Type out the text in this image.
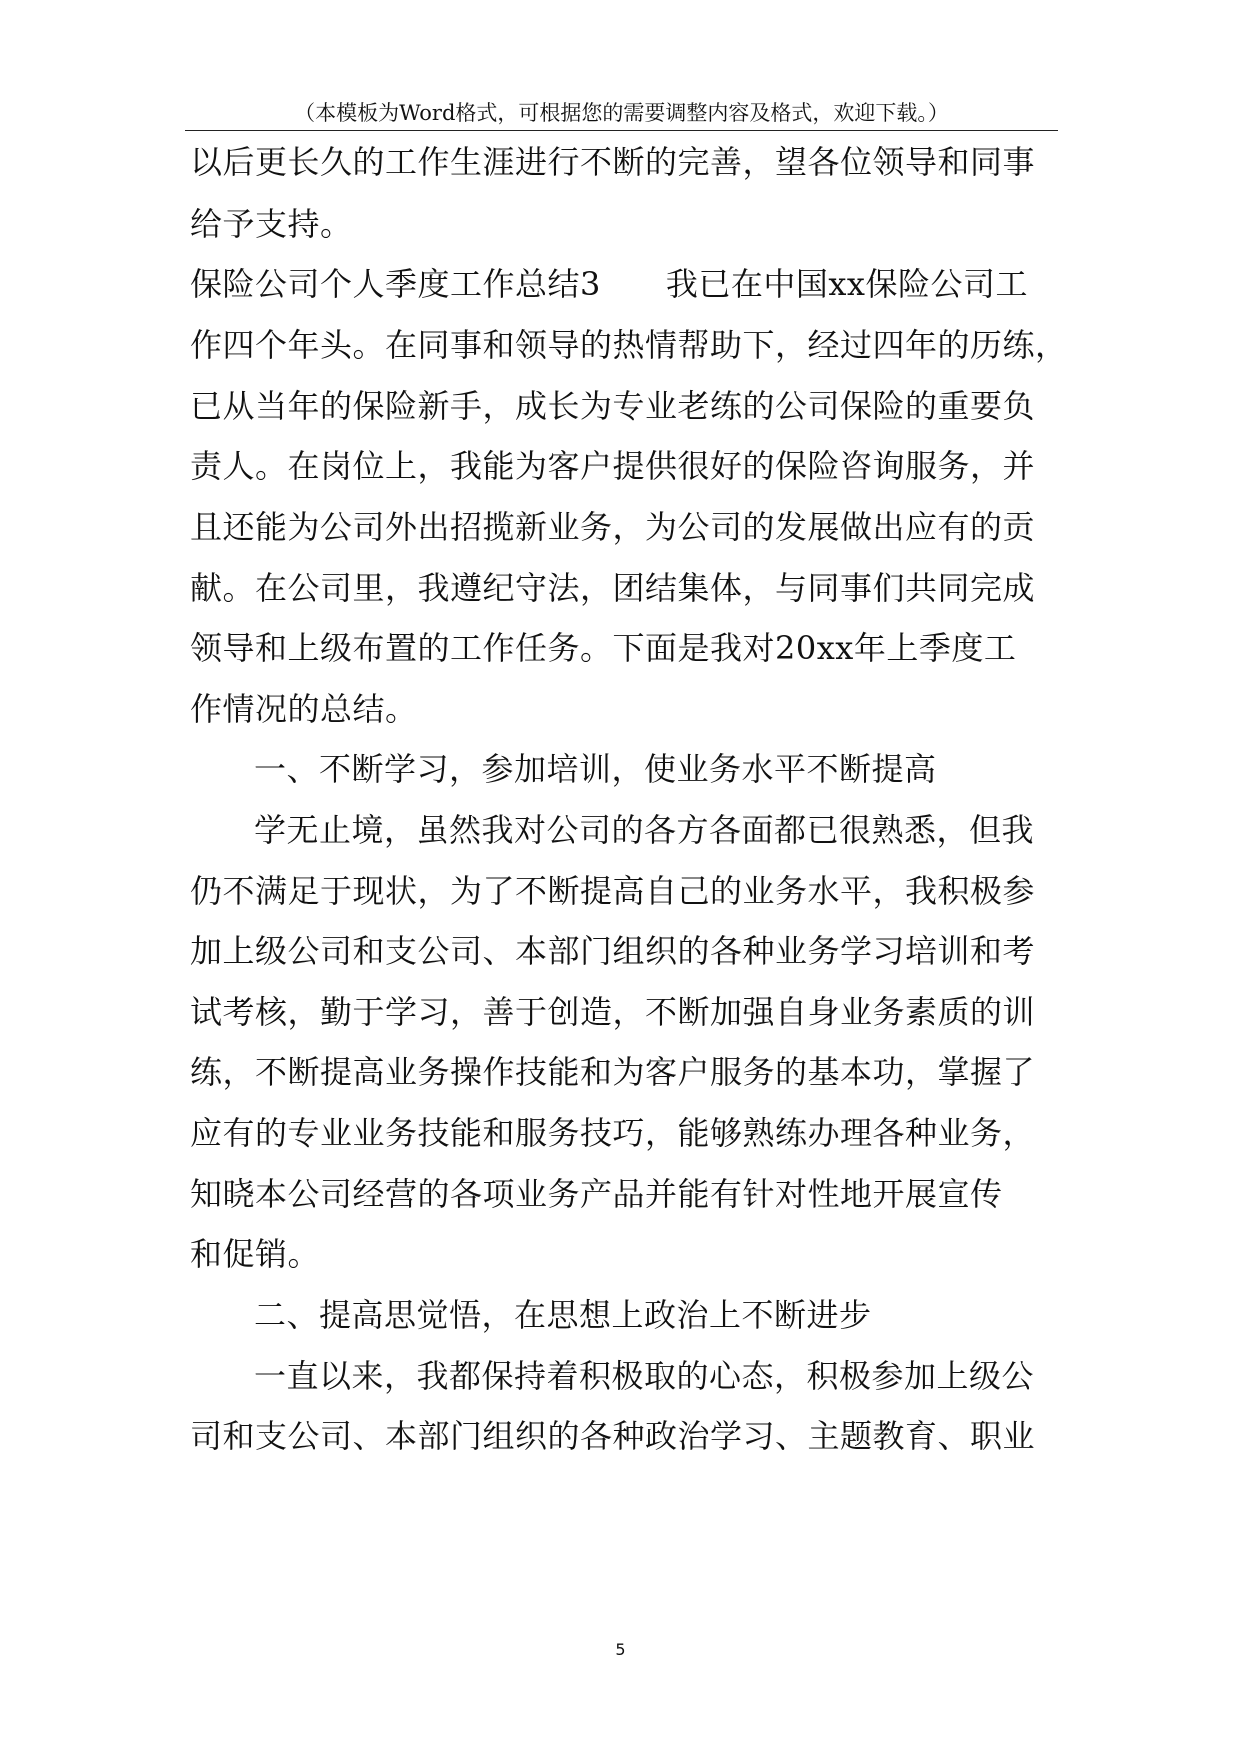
（本模板为Word格式，可根据您的需要调整内容及格式，欢迎下载。）
以后更长久的工作生涯进行不断的完善，望各位领导和同事
给予支持。
保险公司个人季度工作总结3　　我已在中国xx保险公司工
作四个年头。在同事和领导的热情帮助下，经过四年的历练，
已从当年的保险新手，成长为专业老练的公司保险的重要负
责人。在岗位上，我能为客户提供很好的保险咨询服务，并
且还能为公司外出招揽新业务，为公司的发展做出应有的贡
献。在公司里，我遵纪守法，团结集体，与同事们共同完成
领导和上级布置的工作任务。下面是我对20xx年上季度工
作情况的总结。
一、不断学习，参加培训，使业务水平不断提高
学无止境，虽然我对公司的各方各面都已很熟悉，但我
仍不满足于现状，为了不断提高自己的业务水平，我积极参
加上级公司和支公司、本部门组织的各种业务学习培训和考
试考核，勤于学习，善于创造，不断加强自身业务素质的训
练，不断提高业务操作技能和为客户服务的基本功，掌握了
应有的专业业务技能和服务技巧，能够熟练办理各种业务，
知晓本公司经营的各项业务产品并能有针对性地开展宣传
和促销。
二、提高思觉悟，在思想上政治上不断进步
一直以来，我都保持着积极取的心态，积极参加上级公
司和支公司、本部门组织的各种政治学习、主题教育、职业
5
